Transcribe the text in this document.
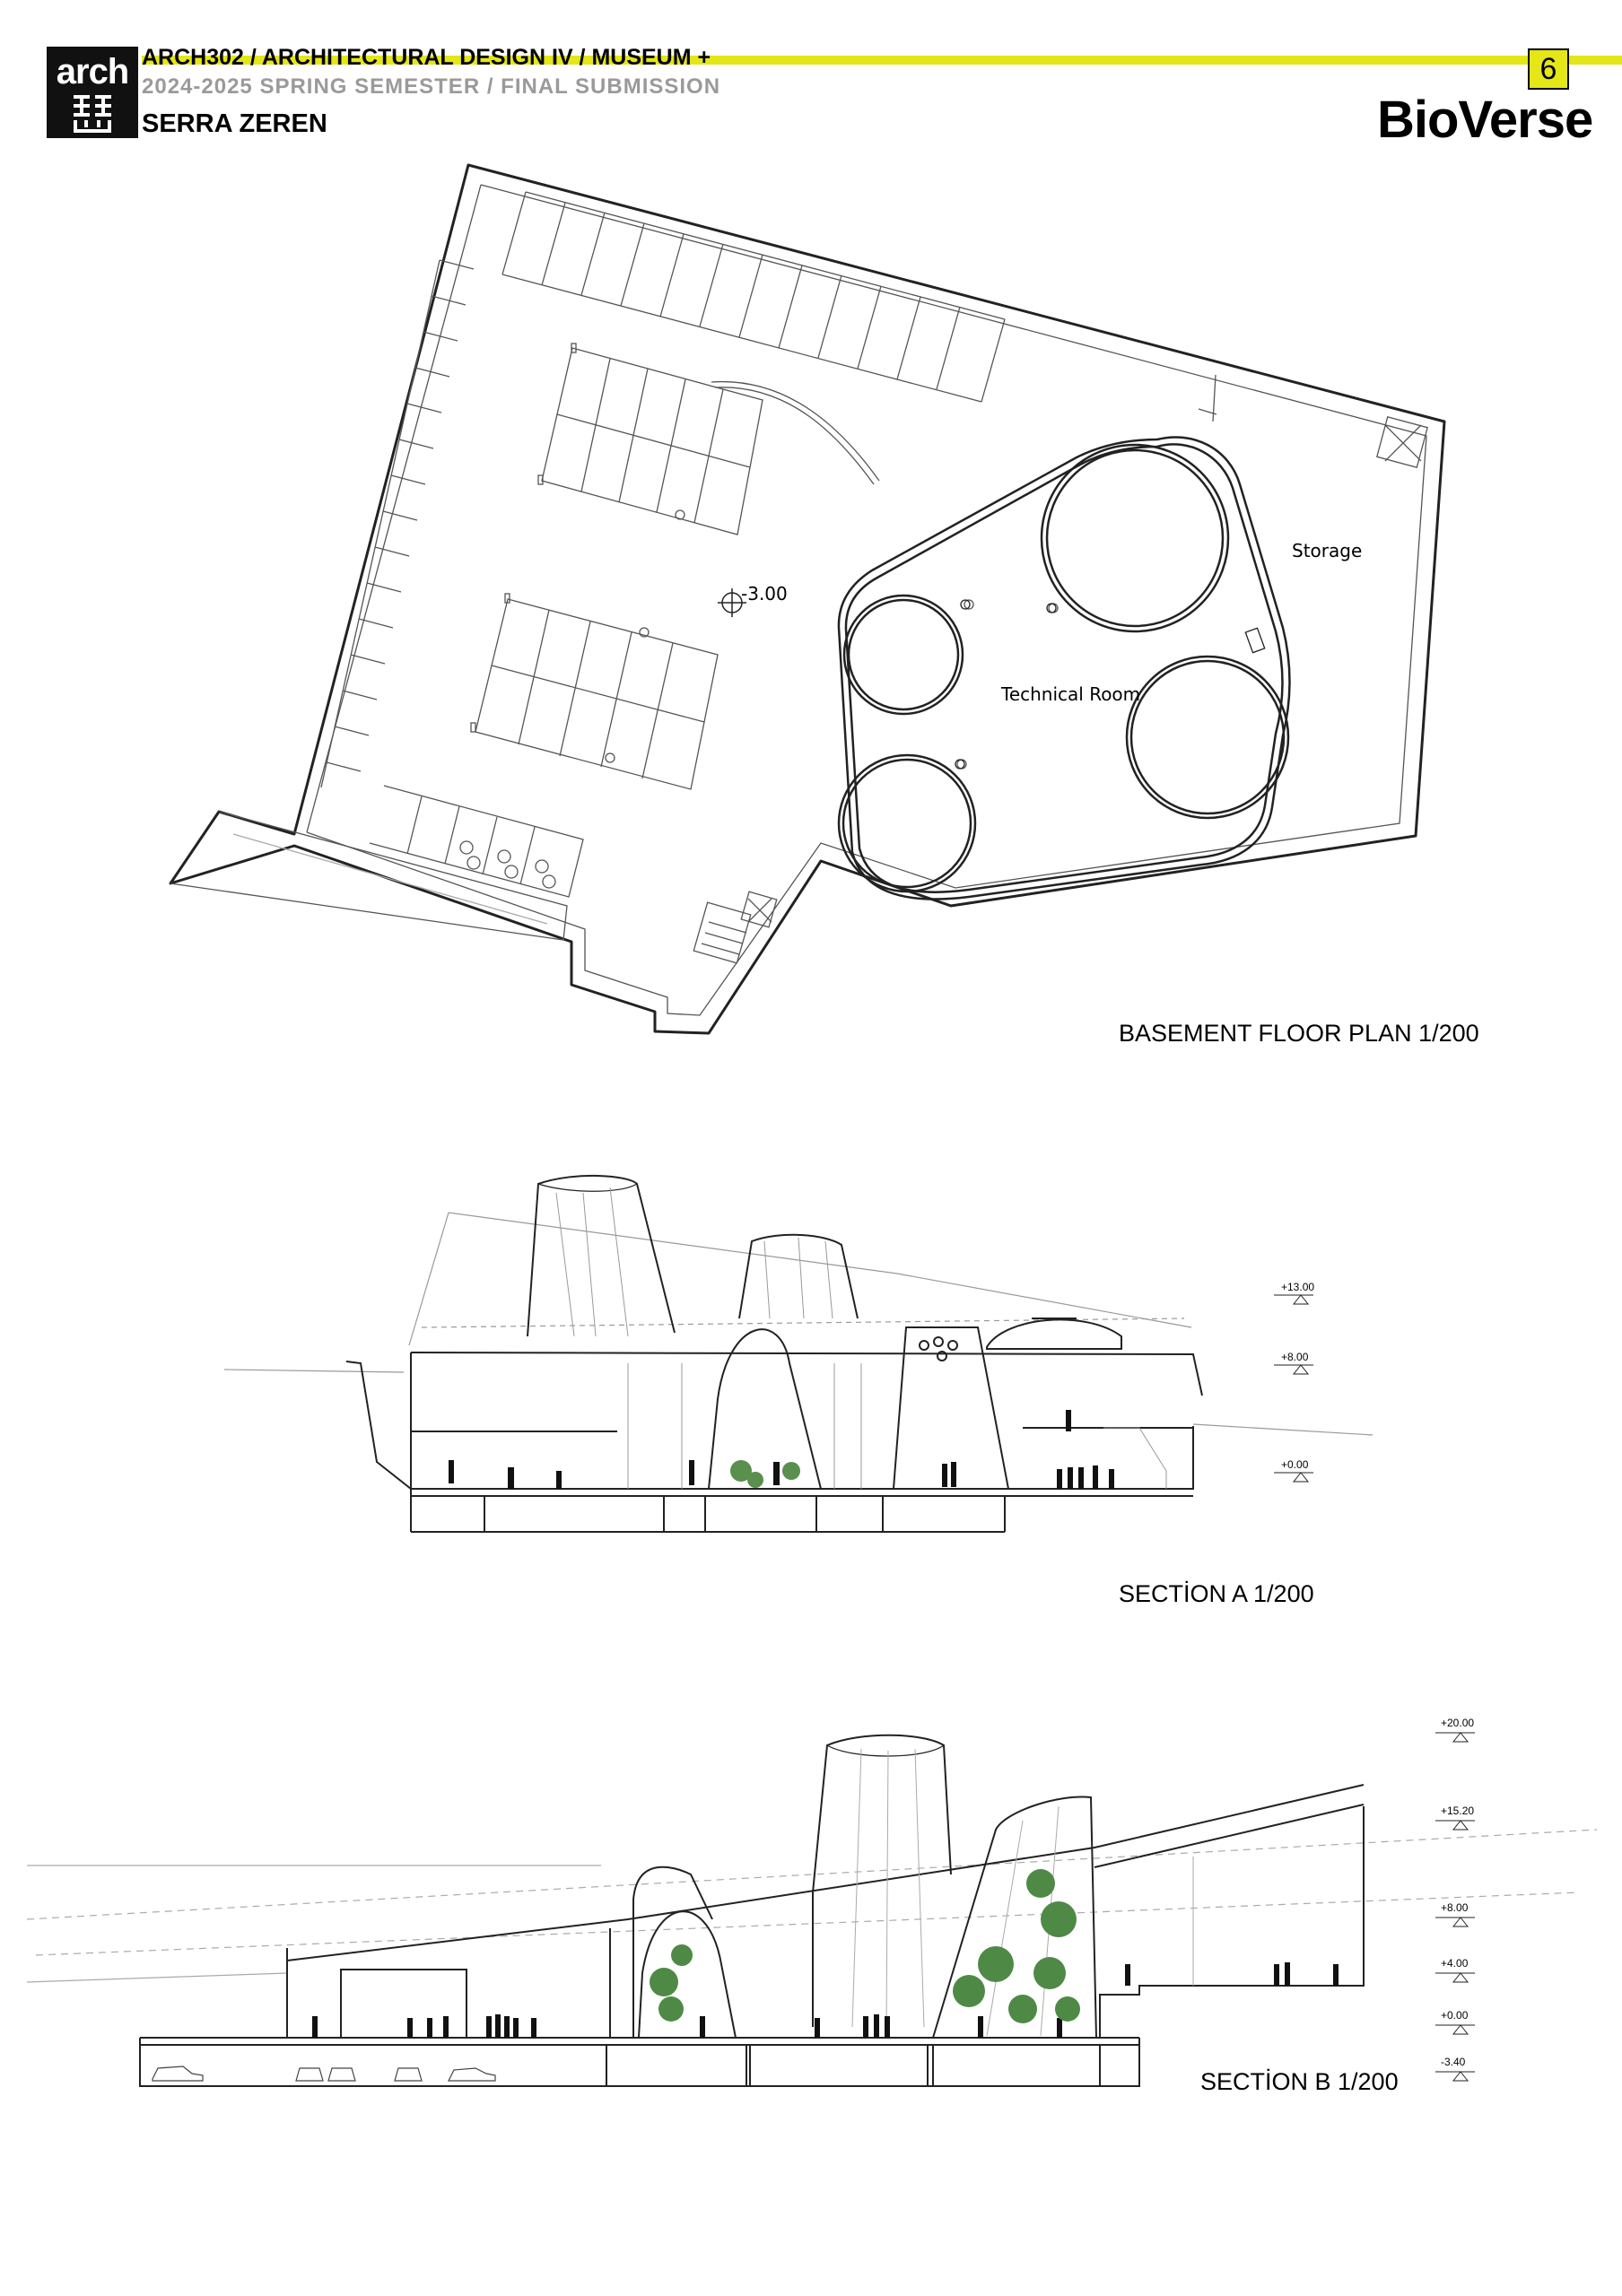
arch ARCH302 / ARCHITECTURAL DESIGN IV / MUSEUM +
2024-2025 SPRING SEMESTER / FINAL SUBMISSION
SERRA ZEREN
6
BioVerse
Storage
Technical Room
-3.00
BASEMENT FLOOR PLAN 1/200
+13.00
+8.00
+0.00
SECTİON A 1/200
+20.00
+15.20
+8.00
+4.00
+0.00
-3.40
SECTİON B 1/200
